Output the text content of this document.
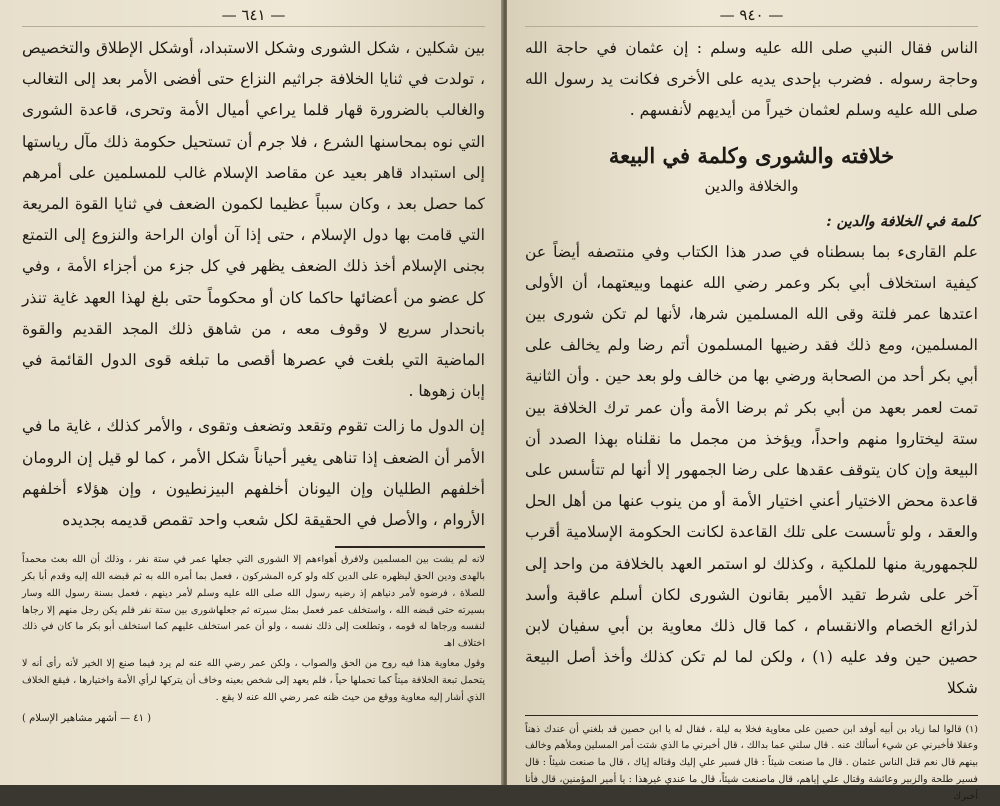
— ٦٤١ —

بين شكلين ، شكل الشورى وشكل الاستبداد، أوشكل الإطلاق والتخصيص ، تولدت في ثنايا الخلافة جراثيم النزاع حتى أفضى الأمر بعد إلى التغالب والغالب بالضرورة قهار قلما يراعي أميال الأمة وتحرى، قاعدة الشورى التي نوه بمحاسنها الشرع ، فلا جرم أن تستحيل حكومة ذلك مآل رياستها إلى استبداد قاهر بعيد عن مقاصد الإسلام غالب للمسلمين على أمرهم كما حصل بعد ، وكان سبباً عظيما لكمون الضعف في ثنايا القوة المريعة التي قامت بها دول الإسلام ، حتى إذا آن أوان الراحة والنزوع إلى التمتع بجنى الإسلام أخذ ذلك الضعف يظهر في كل جزء من أجزاء الأمة ، وفي كل عضو من أعضائها حاكما كان أو محكوماً حتى بلغ لهذا العهد غاية تنذر بانحدار سريع لا وقوف معه ، من شاهق ذلك المجد القديم والقوة الماضية التي بلغت في عصرها أقصى ما تبلغه قوى الدول القائمة في إبان زهوها .

إن الدول ما زالت تقوم وتقعد وتضعف وتقوى ، والأمر كذلك ، غاية ما في الأمر أن الضعف إذا تناهى يغير أحياناً شكل الأمر ، كما لو قيل إن الرومان أخلفهم الطليان وإن اليونان أخلفهم البيزنطيون ، وإن هؤلاء أخلفهم الأروام ، والأصل في الحقيقة لكل شعب واحد تقمص قديمه بجديده

لانه لم يشت بين المسلمين ولافرق أهواءهم إلا الشورى التي جعلها عمر في ستة نفر ، وذلك أن الله بعث محمداً بالهدى ودين الحق ليظهره على الدين كله ولو كره المشركون ، فعمل بما أمره الله به ثم قبضه الله إليه وقدم أبا بكر للصلاة ، فرضوه لأمر دنياهم إذ رضيه رسول الله صلى الله عليه وسلم لأمر دينهم ، فعمل بسنة رسول الله وسار بسيرته حتى قبضه الله ، واستخلف عمر فعمل بمثل سيرته ثم جعلهاشورى بين ستة نفر فلم يكن رجل منهم إلا رجاها لنفسه ورجاها له قومه ، وتطلعت إلى ذلك نفسه ، ولو أن عمر استخلف عليهم كما استخلف أبو بكر ما كان في ذلك اختلاف اهـ

وقول معاوية هذا فيه روح من الحق والصواب ، ولكن عمر رضي الله عنه لم يرد فيما صنع إلا الخير لأنه رأى أنه لا يتحمل تبعة الخلافة ميتاً كما تحملها حياً ، فلم يعهد إلى شخص بعينه وخاف أن يتركها لرأي الأمة واختيارها ، فيقع الخلاف الذي أشار إليه معاوية ووقع من حيث ظنه عمر رضي الله عنه لا يقع .

( ٤١ — أشهر مشاهير الإسلام )
— ٩٤٠ —

الناس فقال النبي صلى الله عليه وسلم : إن عثمان في حاجة الله وحاجة رسوله . فضرب بإحدى يديه على الأخرى فكانت يد رسول الله صلى الله عليه وسلم لعثمان خيراً من أيديهم لأنفسهم .

خلافته والشورى وكلمة في البيعة
والخلافة والدين
كلمة في الخلافة والدين :

علم القارىء بما بسطناه في صدر هذا الكتاب وفي منتصفه أيضاً عن كيفية استخلاف أبي بكر وعمر رضي الله عنهما وبيعتهما، أن الأولى اعتدها عمر فلتة وقى الله المسلمين شرها، لأنها لم تكن شورى بين المسلمين، ومع ذلك فقد رضيها المسلمون أتم رضا ولم يخالف على أبي بكر أحد من الصحابة ورضي بها من خالف ولو بعد حين . وأن الثانية تمت لعمر بعهد من أبي بكر ثم برضا الأمة وأن عمر ترك الخلافة بين ستة ليختاروا منهم واحداً، ويؤخذ من مجمل ما نقلناه بهذا الصدد أن البيعة وإن كان يتوقف عقدها على رضا الجمهور إلا أنها لم تتأسس على قاعدة محض الاختيار أعني اختيار الأمة أو من ينوب عنها من أهل الحل والعقد ، ولو تأسست على تلك القاعدة لكانت الحكومة الإسلامية أقرب للجمهورية منها للملكية ، وكذلك لو استمر العهد بالخلافة من واحد إلى آخر على شرط تقيد الأمير بقانون الشورى لكان أسلم عاقبة وأسد لذرائع الخصام والانقسام ، كما قال ذلك معاوية بن أبي سفيان لابن حصين حين وفد عليه (١) ، ولكن لما لم تكن كذلك وأخذ أصل البيعة شكلا

(١) قالوا لما زياد بن أبيه أوفد ابن حصين على معاوية فخلا به ليلة ، فقال له يا ابن حصين قد بلغني أن عندك ذهناً وعقلا فأخبرني عن شيء أسألك عنه . قال سلني عما بدالك ، قال أخبرني ما الذي شتت أمر المسلين وملأهم وخالف بينهم قال نعم قتل الناس عثمان . قال ما صنعت شيئاً : قال فسير علي إليك وقتاله إياك ، قال ما صنعت شيئاً : قال فسير طلحة والزبير وعائشة وقتال علي إياهم، قال ماصنعت شيئاً، قال ما عندي غيرهذا : يا أمير المؤمنين، قال فأنا أخبرك
